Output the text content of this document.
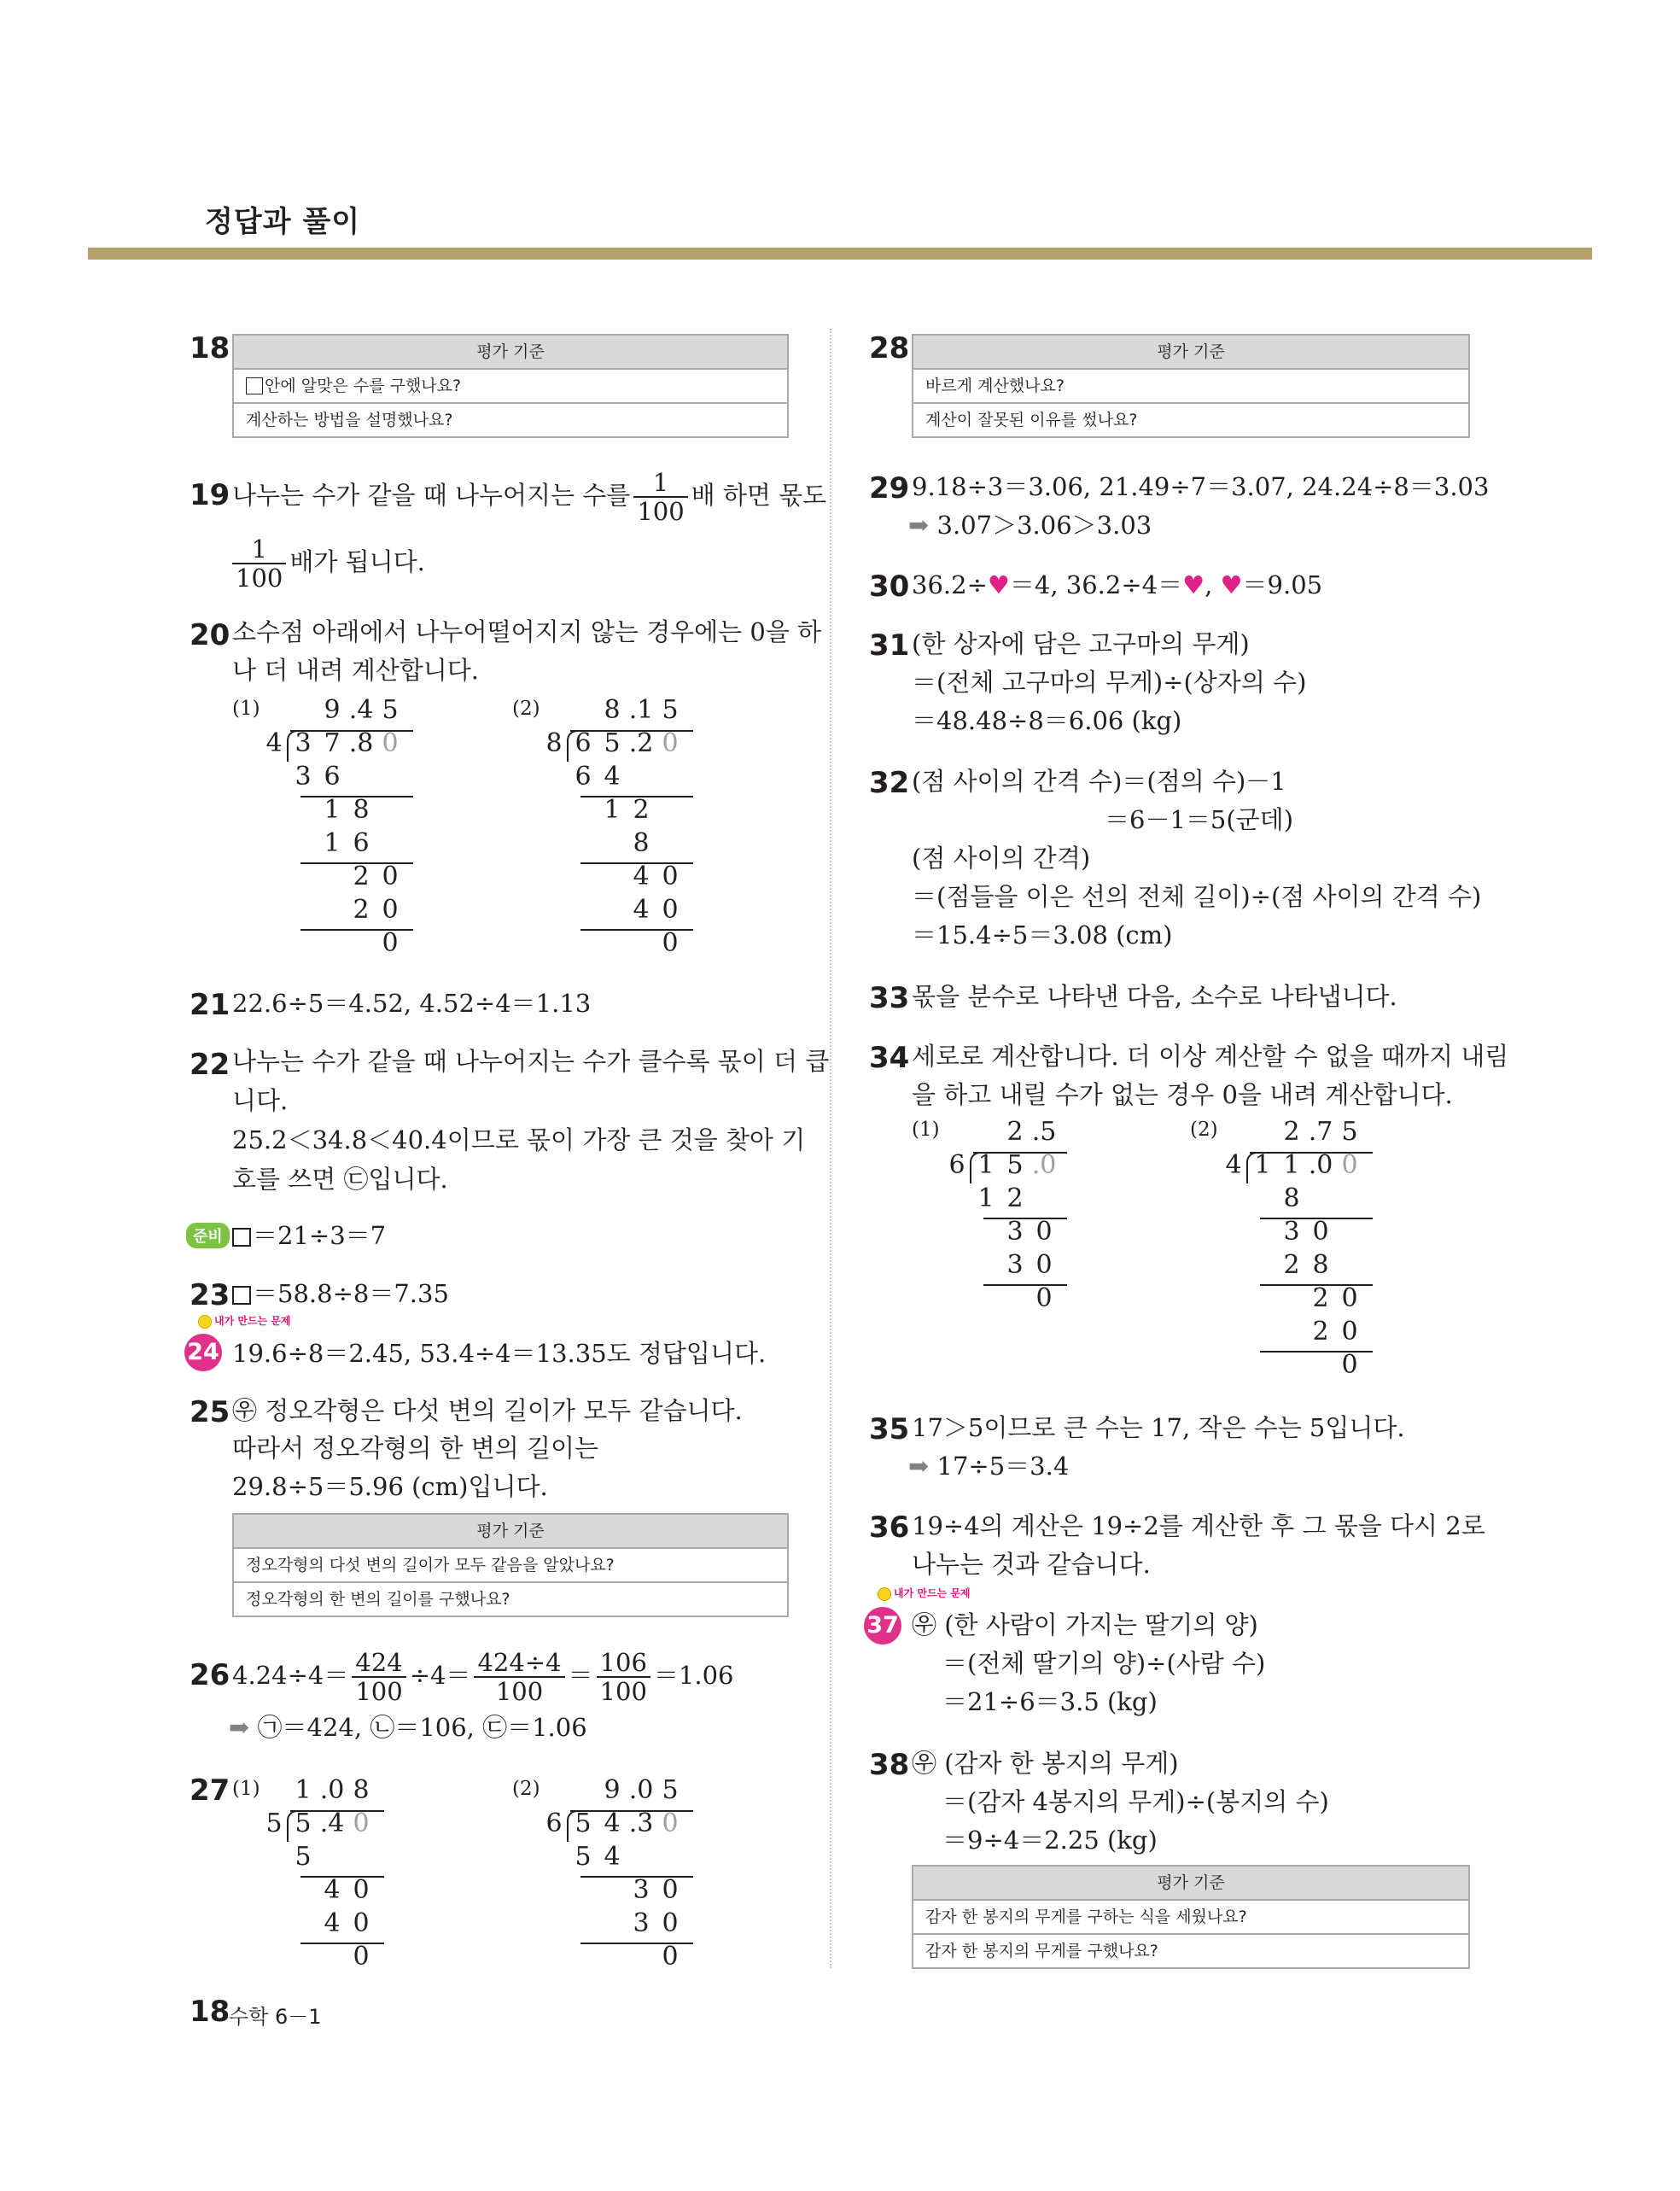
정답과 풀이
18	평가 기준
안에 알맞은 수를 구했나요?
계산하는 방법을 설명했나요?
19 나누는 수가 같을 때 나누어지는 수를 $\frac{1}{100}$ 배 하면 몫도
$\frac{1}{100}$ 배가 됩니다.
20 소수점 아래에서 나누어떨어지지 않는 경우에는 0을 하
나 더 내려 계산합니다.
(1)	(2)
21 22.6÷5＝4.52, 4.52÷4＝1.13
22 나누는 수가 같을 때 나누어지는 수가 클수록 몫이 더 큽
니다.
25.2＜34.8＜40.4이므로 몫이 가장 큰 것을 찾아 기
호를 쓰면 ㉢입니다.
준비	＝21÷3＝7
23 ＝58.8÷8＝7.35
내가 만드는 문제
24 19.6÷8＝2.45, 53.4÷4＝13.35도 정답입니다.
25 ㉾ 정오각형은 다섯 변의 길이가 모두 같습니다.
따라서 정오각형의 한 변의 길이는
29.8÷5＝5.96 (cm)입니다.
평가 기준
정오각형의 다섯 변의 길이가 모두 같음을 알았나요?
정오각형의 한 변의 길이를 구했나요?
26 $4.24\div 4= \frac{424}{100} \div 4= \frac{424\div 4}{100} = \frac{106}{100} =1.06$
➡ ㉠＝424, ㉡＝106, ㉢＝1.06
27 (1)	(2)
28	평가 기준
바르게 계산했나요?
계산이 잘못된 이유를 썼나요?
29 9.18÷3＝3.06, 21.49÷7＝3.07, 24.24÷8＝3.03
➡ 3.07＞3.06＞3.03
30 36.2÷♥＝4, 36.2÷4＝♥, ♥＝9.05
31 (한 상자에 담은 고구마의 무게)
＝(전체 고구마의 무게)÷(상자의 수)
＝48.48÷8＝6.06 (kg)
32 (점 사이의 간격 수)＝(점의 수)－1
＝6－1＝5(군데)
(점 사이의 간격)
＝(점들을 이은 선의 전체 길이)÷(점 사이의 간격 수)
＝15.4÷5＝3.08 (cm)
33 몫을 분수로 나타낸 다음, 소수로 나타냅니다.
34 세로로 계산합니다. 더 이상 계산할 수 없을 때까지 내림
을 하고 내릴 수가 없는 경우 0을 내려 계산합니다.
(1)	(2)
35 17＞5이므로 큰 수는 17, 작은 수는 5입니다.
➡ 17÷5＝3.4
36 19÷4의 계산은 19÷2를 계산한 후 그 몫을 다시 2로
나누는 것과 같습니다.
내가 만드는 문제
37 ㉾ (한 사람이 가지는 딸기의 양)
＝(전체 딸기의 양)÷(사람 수)
＝21÷6＝3.5 (kg)
38 ㉾ (감자 한 봉지의 무게)
＝(감자 4봉지의 무게)÷(봉지의 수)
＝9÷4＝2.25 (kg)
평가 기준
감자 한 봉지의 무게를 구하는 식을 세웠나요?
감자 한 봉지의 무게를 구했나요?
18
수학 6－1
9 .4 5
4 3 7 .8 0
3 6
1 8
1 6
2 0
2 0
0
8 .1 5
8 6 5 .2 0
6 4
1 2
8
4 0
4 0
0
1 .0 8
5 5 .4 0
5
4 0
4 0
0
9 .0 5
6 5 4 .3 0
5 4
3 0
3 0
0
2 .5
6 1 5 .0
1 2
3 0
3 0
0
2 .7 5
4 1 1 .0 0
8
3 0
2 8
2 0
2 0
0
